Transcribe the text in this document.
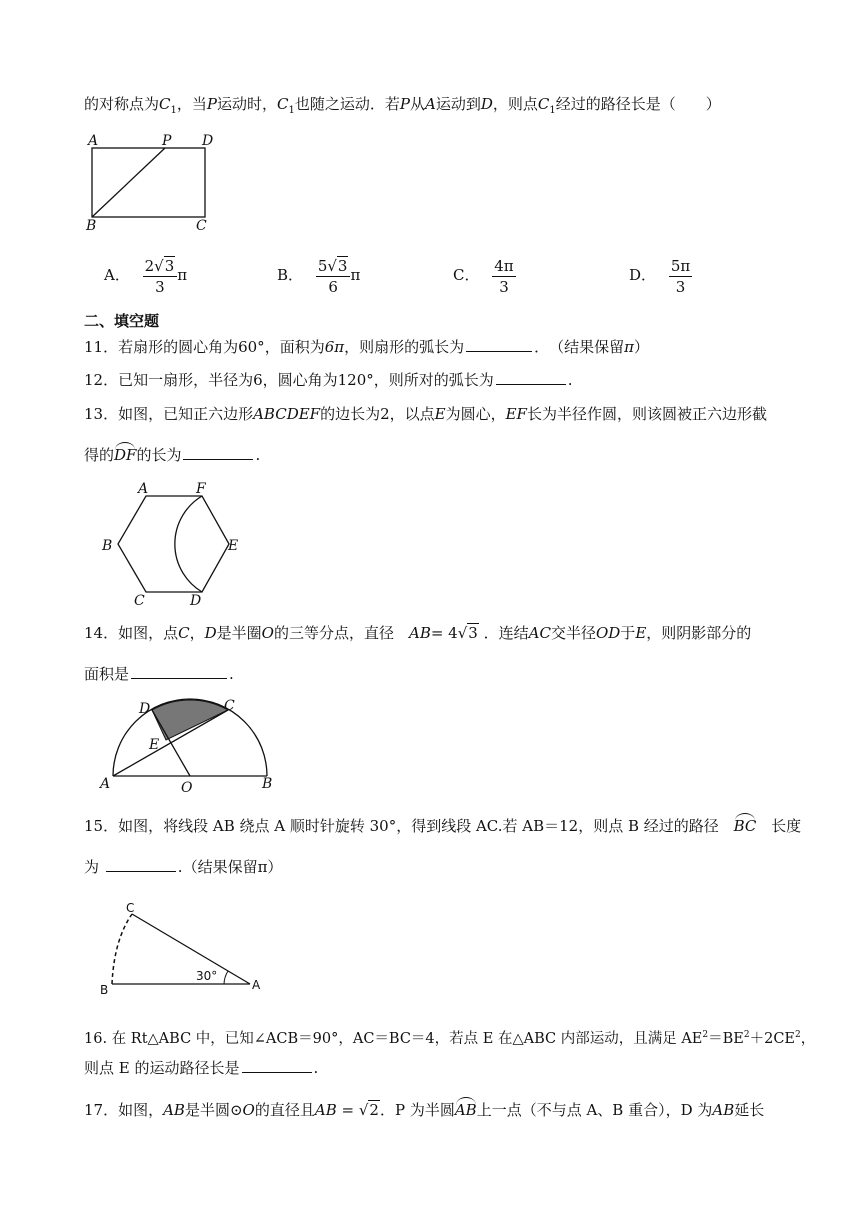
的对称点为$C_1$，当P运动时，$C_1$也随之运动．若P从A运动到D，则点$C_1$经过的路径长是（　　）
A	P D
B	C
A． $\frac{2√3}{3}$ π	B． $\frac{5√3}{6}$ π	C． $\frac{4\pi}{3}$	D． $\frac{5\pi}{3}$
二、填空题
11．若扇形的圆心角为60°，面积为6π，则扇形的弧长为	．　（结果保留π）
12．已知一扇形，半径为6，圆心角为120°，则所对的弧长为	.
13．如图，已知正六边形ABCDEF的边长为2，以点E为圆心，EF长为半径作圆，则该圆被正六边形截
得的DF的长为	.
A	F
B	E
C	D
14．如图，点C，D是半圈O的三等分点，直径　 AB= 4√3 ．连结AC交半径OD于E，则阴影部分的
面积是	.
D	C
E
A	O	B
15．如图，将线段 AB 绕点 A 顺时针旋转 30°，得到线段 AC.若 AB＝12，则点 B 经过的路径 BC 长度
为	.（结果保留π）
C
30°
B	A
16. 在 Rt△ABC 中，已知∠ACB＝90°，AC＝BC＝4，若点 E 在△ABC 内部运动，且满足 $AE^2=BE^2+2CE^2$，
则点 E 的运动路径长是	.
17．如图，AB是半圆⊙O的直径且AB = √2．P 为半圆AB上一点（不与点 A、B 重合），D 为AB延长
